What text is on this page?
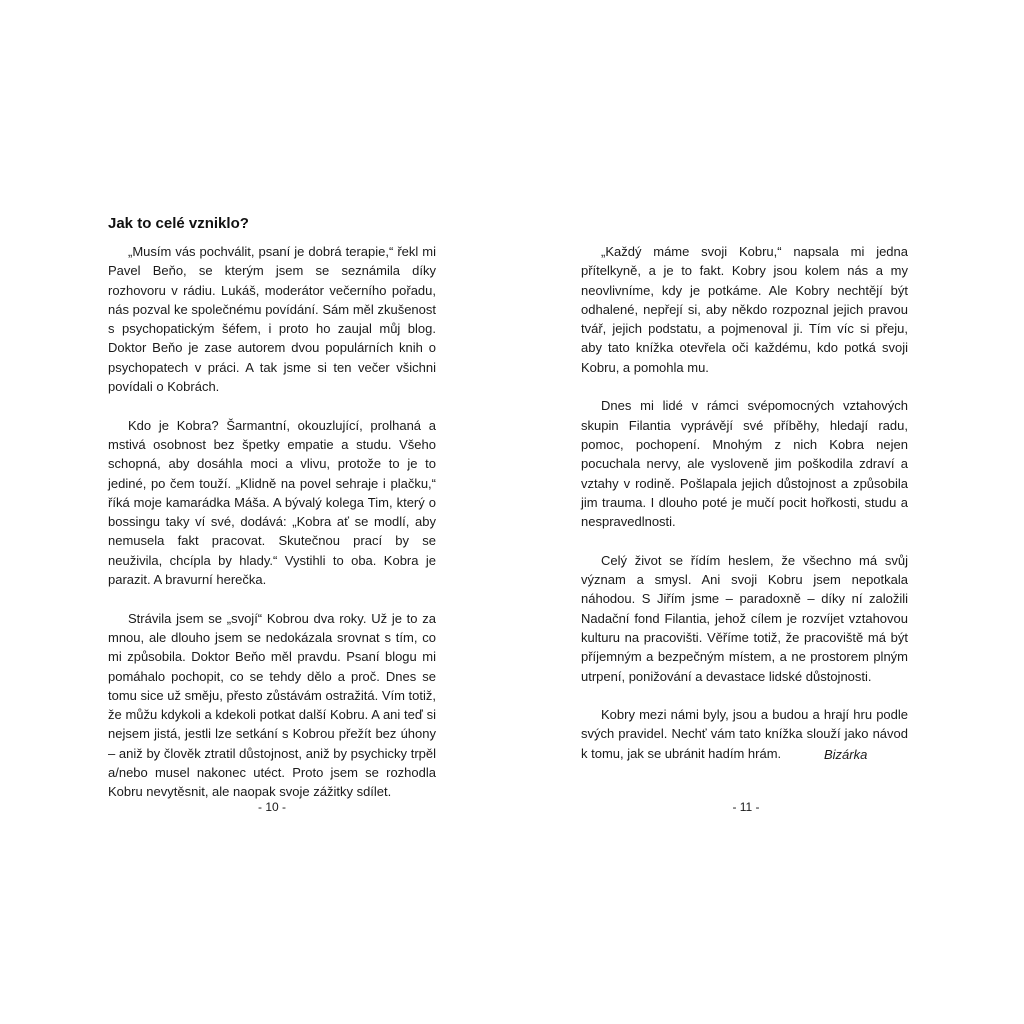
Jak to celé vzniklo?

„Musím vás pochválit, psaní je dobrá terapie,“ řekl mi Pavel Beňo, se kterým jsem se seznámila díky rozhovoru v rádiu. Lukáš, moderátor večerního pořadu, nás pozval ke společnému povídání. Sám měl zkušenost s psychopatickým šéfem, i proto ho zaujal můj blog. Doktor Beňo je zase autorem dvou populárních knih o psychopatech v práci. A tak jsme si ten večer všichni povídali o Kobrách.

Kdo je Kobra? Šarmantní, okouzlující, prolhaná a mstivá osobnost bez špetky empatie a studu. Všeho schopná, aby dosáhla moci a vlivu, protože to je to jediné, po čem touží. „Klidně na povel sehraje i plačku,“ říká moje kamarádka Máša. A bývalý kolega Tim, který o bossingu taky ví své, dodává: „Kobra ať se modlí, aby nemusela fakt pracovat. Skutečnou prací by se neuživila, chcípla by hlady.“ Vystihli to oba. Kobra je parazit. A bravurní herečka.

Strávila jsem se „svojí“ Kobrou dva roky. Už je to za mnou, ale dlouho jsem se nedokázala srovnat s tím, co mi způsobila. Doktor Beňo měl pravdu. Psaní blogu mi pomáhalo pochopit, co se tehdy dělo a proč. Dnes se tomu sice už směju, přesto zůstávám ostražitá. Vím totiž, že můžu kdykoli a kdekoli potkat další Kobru. A ani teď si nejsem jistá, jestli lze setkání s Kobrou přežít bez úhony – aniž by člověk ztratil důstojnost, aniž by psychicky trpěl a/nebo musel nakonec utéct. Proto jsem se rozhodla Kobru nevytěsnit, ale naopak svoje zážitky sdílet.

- 10 -

„Každý máme svoji Kobru,“ napsala mi jedna přítelkyně, a je to fakt. Kobry jsou kolem nás a my neovlivníme, kdy je potkáme. Ale Kobry nechtějí být odhalené, nepřejí si, aby někdo rozpoznal jejich pravou tvář, jejich podstatu, a pojmenoval ji. Tím víc si přeju, aby tato knížka otevřela oči každému, kdo potká svoji Kobru, a pomohla mu.

Dnes mi lidé v rámci svépomocných vztahových skupin Filantia vyprávějí své příběhy, hledají radu, pomoc, pochopení. Mnohým z nich Kobra nejen pocuchala nervy, ale vysloveně jim poškodila zdraví a vztahy v rodině. Pošlapala jejich důstojnost a způsobila jim trauma. I dlouho poté je mučí pocit hořkosti, studu a nespravedlnosti.

Celý život se řídím heslem, že všechno má svůj význam a smysl. Ani svoji Kobru jsem nepotkala náhodou. S Jiřím jsme – paradoxně – díky ní založili Nadační fond Filantia, jehož cílem je rozvíjet vztahovou kulturu na pracovišti. Věříme totiž, že pracoviště má být příjemným a bezpečným místem, a ne prostorem plným utrpení, ponižování a devastace lidské důstojnosti.

Kobry mezi námi byly, jsou a budou a hrají hru podle svých pravidel. Nechť vám tato knížka slouží jako návod k tomu, jak se ubránit hadím hrám.	Bizárka
- 11 -
